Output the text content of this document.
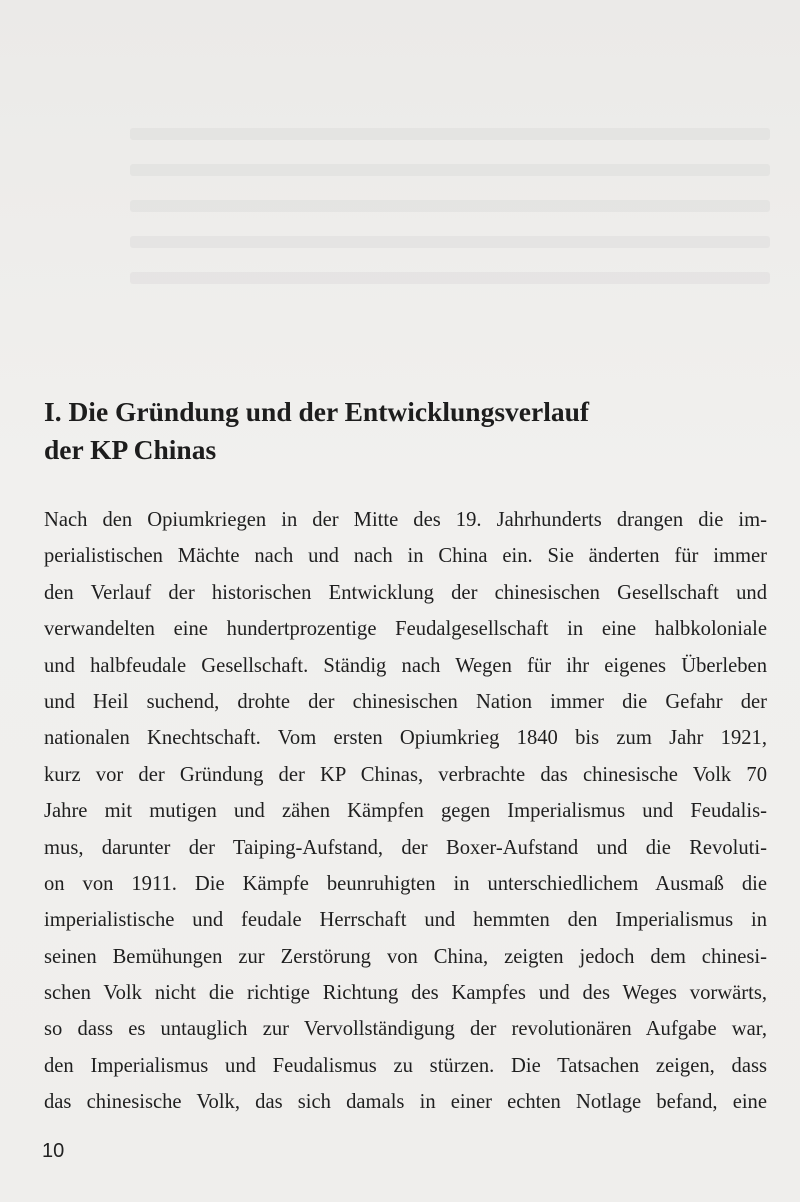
I. Die Gründung und der Entwicklungsverlauf
der KP Chinas
Nach den Opiumkriegen in der Mitte des 19. Jahrhunderts drangen die im-
perialistischen Mächte nach und nach in China ein. Sie änderten für immer
den Verlauf der historischen Entwicklung der chinesischen Gesellschaft und
verwandelten eine hundertprozentige Feudalgesellschaft in eine halbkoloniale
und halbfeudale Gesellschaft. Ständig nach Wegen für ihr eigenes Überleben
und Heil suchend, drohte der chinesischen Nation immer die Gefahr der
nationalen Knechtschaft. Vom ersten Opiumkrieg 1840 bis zum Jahr 1921,
kurz vor der Gründung der KP Chinas, verbrachte das chinesische Volk 70
Jahre mit mutigen und zähen Kämpfen gegen Imperialismus und Feudalis-
mus, darunter der Taiping-Aufstand, der Boxer-Aufstand und die Revoluti-
on von 1911. Die Kämpfe beunruhigten in unterschiedlichem Ausmaß die
imperialistische und feudale Herrschaft und hemmten den Imperialismus in
seinen Bemühungen zur Zerstörung von China, zeigten jedoch dem chinesi-
schen Volk nicht die richtige Richtung des Kampfes und des Weges vorwärts,
so dass es untauglich zur Vervollständigung der revolutionären Aufgabe war,
den Imperialismus und Feudalismus zu stürzen. Die Tatsachen zeigen, dass
das chinesische Volk, das sich damals in einer echten Notlage befand, eine
10
